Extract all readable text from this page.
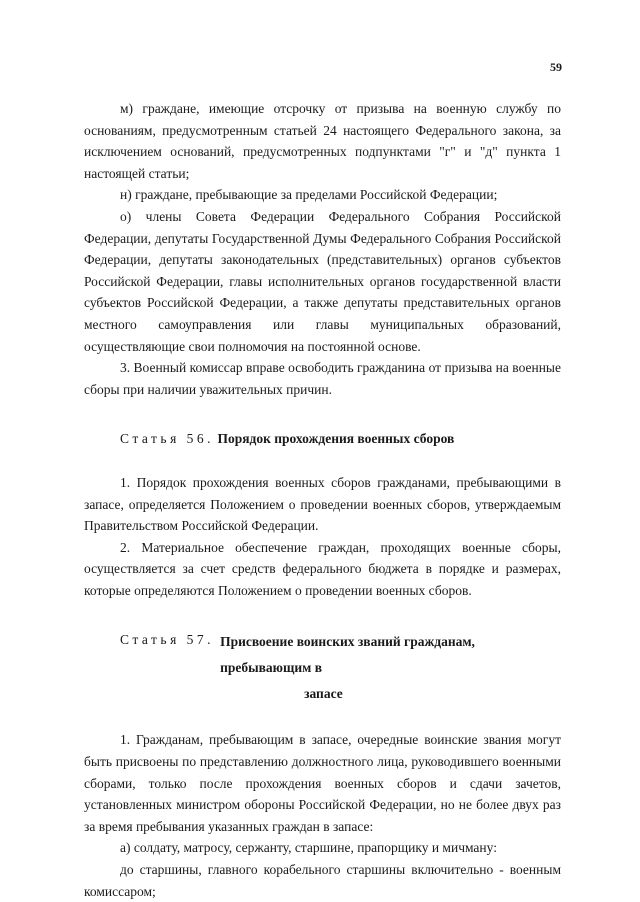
59

м) граждане, имеющие отсрочку от призыва на военную службу по основаниям, предусмотренным статьей 24 настоящего Федерального закона, за исключением оснований, предусмотренных подпунктами "г" и "д" пункта 1 настоящей статьи;

н) граждане, пребывающие за пределами Российской Федерации;

о) члены Совета Федерации Федерального Собрания Российской Федерации, депутаты Государственной Думы Федерального Собрания Российской Федерации, депутаты законодательных (представительных) органов субъектов Российской Федерации, главы исполнительных органов государственной власти субъектов Российской Федерации, а также депутаты представительных органов местного самоуправления или главы муниципальных образований, осуществляющие свои полномочия на постоянной основе.

3. Военный комиссар вправе освободить гражданина от призыва на военные сборы при наличии уважительных причин.

Статья 56. Порядок прохождения военных сборов

1. Порядок прохождения военных сборов гражданами, пребывающими в запасе, определяется Положением о проведении военных сборов, утверждаемым Правительством Российской Федерации.

2. Материальное обеспечение граждан, проходящих военные сборы, осуществляется за счет средств федерального бюджета в порядке и размерах, которые определяются Положением о проведении военных сборов.

Статья 57. Присвоение воинских званий гражданам, пребывающим в
запасе

1. Гражданам, пребывающим в запасе, очередные воинские звания могут быть присвоены по представлению должностного лица, руководившего военными сборами, только после прохождения военных сборов и сдачи зачетов, установленных министром обороны Российской Федерации, но не более двух раз за время пребывания указанных граждан в запасе:

а) солдату, матросу, сержанту, старшине, прапорщику и мичману:

до старшины, главного корабельного старшины включительно - военным комиссаром;
